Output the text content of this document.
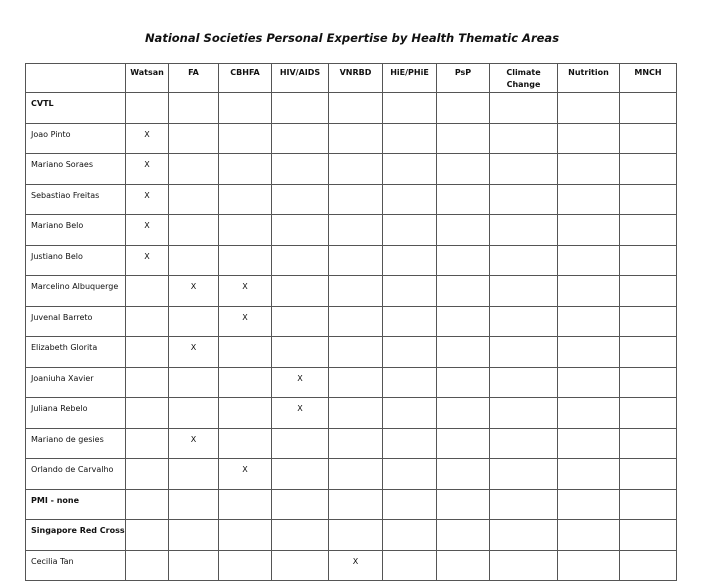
National Societies Personal Expertise by Health Thematic Areas
	Watsan	FA	CBHFA	HIV/AIDS	VNRBD	HiE/PHiE	PsP	Climate Change	Nutrition	MNCH
CVTL										
Joao Pinto	X									
Mariano Soraes	X									
Sebastiao Freitas	X									
Mariano Belo	X									
Justiano Belo	X									
Marcelino Albuquerge		X	X							
Juvenal Barreto			X							
Elizabeth Glorita		X								
Joaniuha Xavier				X						
Juliana Rebelo				X						
Mariano de gesies		X								
Orlando de Carvalho			X							
PMI - none										
Singapore Red Cross										
Cecilia Tan					X					
